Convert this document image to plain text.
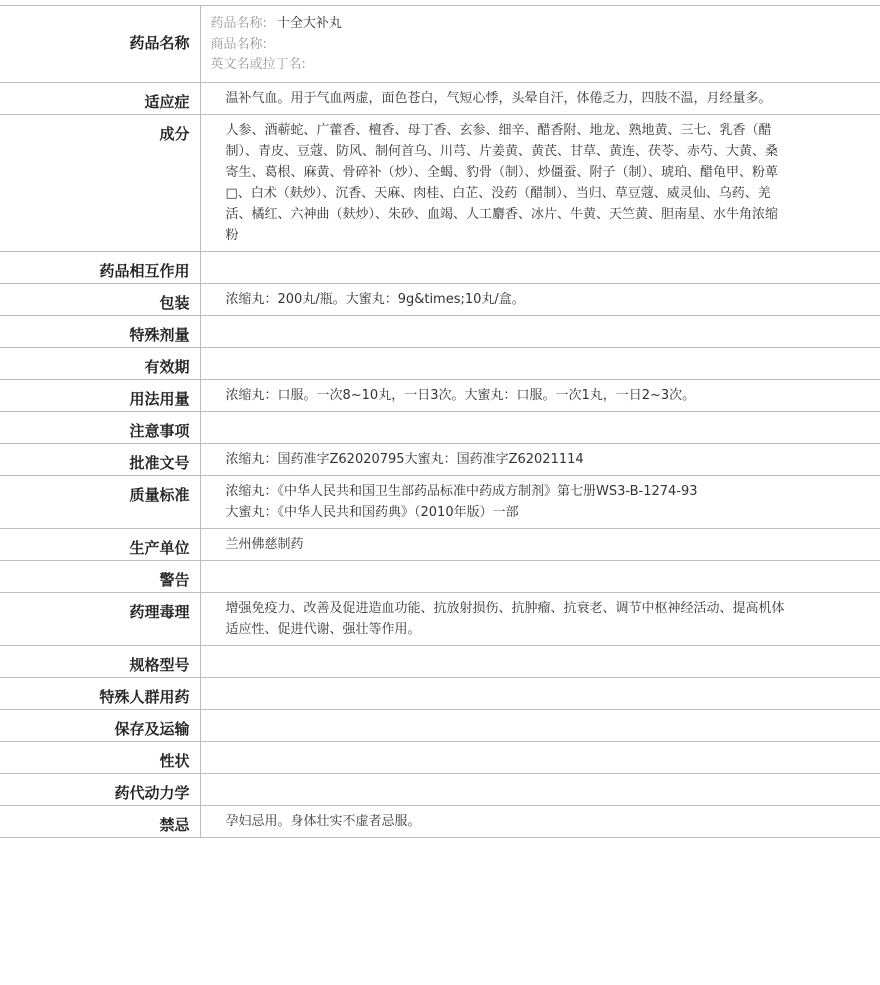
药品名称	药品名称: 十全大补丸
商品名称:
英文名或拉丁名:

适应症	温补气血。用于气血两虚，面色苍白，气短心悸，头晕自汗，体倦乏力，四肢不温，月经量多。
成分	人参、酒蕲蛇、广藿香、檀香、母丁香、玄参、细辛、醋香附、地龙、熟地黄、三七、乳香（醋制）、青皮、豆蔻、防风、制何首乌、川芎、片姜黄、黄芪、甘草、黄连、茯苓、赤芍、大黄、桑寄生、葛根、麻黄、骨碎补（炒）、全蝎、豹骨（制）、炒僵蚕、附子（制）、琥珀、醋龟甲、粉萆□、白术（麸炒）、沉香、天麻、肉桂、白芷、没药（醋制）、当归、草豆蔻、威灵仙、乌药、羌活、橘红、六神曲（麸炒）、朱砂、血竭、人工麝香、冰片、牛黄、天竺黄、胆南星、水牛角浓缩粉
药品相互作用	
包装	浓缩丸：200丸/瓶。大蜜丸：9g&times;10丸/盒。
特殊剂量	
有效期	
用法用量	浓缩丸：口服。一次8~10丸，一日3次。大蜜丸：口服。一次1丸，一日2~3次。
注意事项	
批准文号	浓缩丸：国药准字Z62020795大蜜丸：国药准字Z62021114
质量标准	浓缩丸：《中华人民共和国卫生部药品标准中药成方制剂》第七册WS3-B-1274-93
大蜜丸：《中华人民共和国药典》（2010年版）一部

生产单位	兰州佛慈制药
警告	
药理毒理	增强免疫力、改善及促进造血功能、抗放射损伤、抗肿瘤、抗衰老、调节中枢神经活动、提高机体适应性、促进代谢、强壮等作用。
规格型号	
特殊人群用药	
保存及运输	
性状	
药代动力学	
禁忌	孕妇忌用。身体壮实不虚者忌服。
